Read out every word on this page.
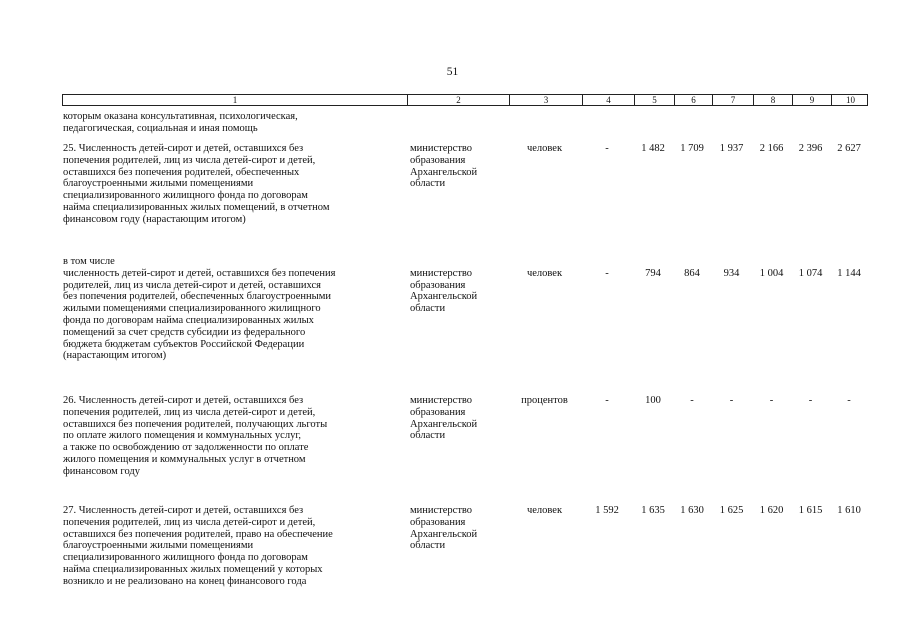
51
1	2	3	4	5	6	7	8	9	10
которым оказана консультативная, психологическая,
педагогическая, социальная и иная помощь
25. Численность детей-сирот и детей, оставшихся без
попечения родителей, лиц из числа детей-сирот и детей,
оставшихся без попечения родителей, обеспеченных
благоустроенными жилыми помещениями
специализированного жилищного фонда по договорам
найма специализированных жилых помещений, в отчетном
финансовом году (нарастающим итогом)
министерство
образования
Архангельской
области
человек	-	1 482	1 709	1 937	2 166	2 396	2 627
в том числе
численность детей-сирот и детей, оставшихся без попечения
родителей, лиц из числа детей-сирот и детей, оставшихся
без попечения родителей, обеспеченных благоустроенными
жилыми помещениями специализированного жилищного
фонда по договорам найма специализированных жилых
помещений за счет средств субсидии из федерального
бюджета бюджетам субъектов Российской Федерации
(нарастающим итогом)
министерство
образования
Архангельской
области
человек	-	794	864	934	1 004	1 074	1 144
26. Численность детей-сирот и детей, оставшихся без
попечения родителей, лиц из числа детей-сирот и детей,
оставшихся без попечения родителей, получающих льготы
по оплате жилого помещения и коммунальных услуг,
а также по освобождению от задолженности по оплате
жилого помещения и коммунальных услуг в отчетном
финансовом году
министерство
образования
Архангельской
области
процентов	-	100	-	-	-	-	-
27. Численность детей-сирот и детей, оставшихся без
попечения родителей, лиц из числа детей-сирот и детей,
оставшихся без попечения родителей, право на обеспечение
благоустроенными жилыми помещениями
специализированного жилищного фонда по договорам
найма специализированных жилых помещений у которых
возникло и не реализовано на конец финансового года
министерство
образования
Архангельской
области
человек	1 592	1 635	1 630	1 625	1 620	1 615	1 610
